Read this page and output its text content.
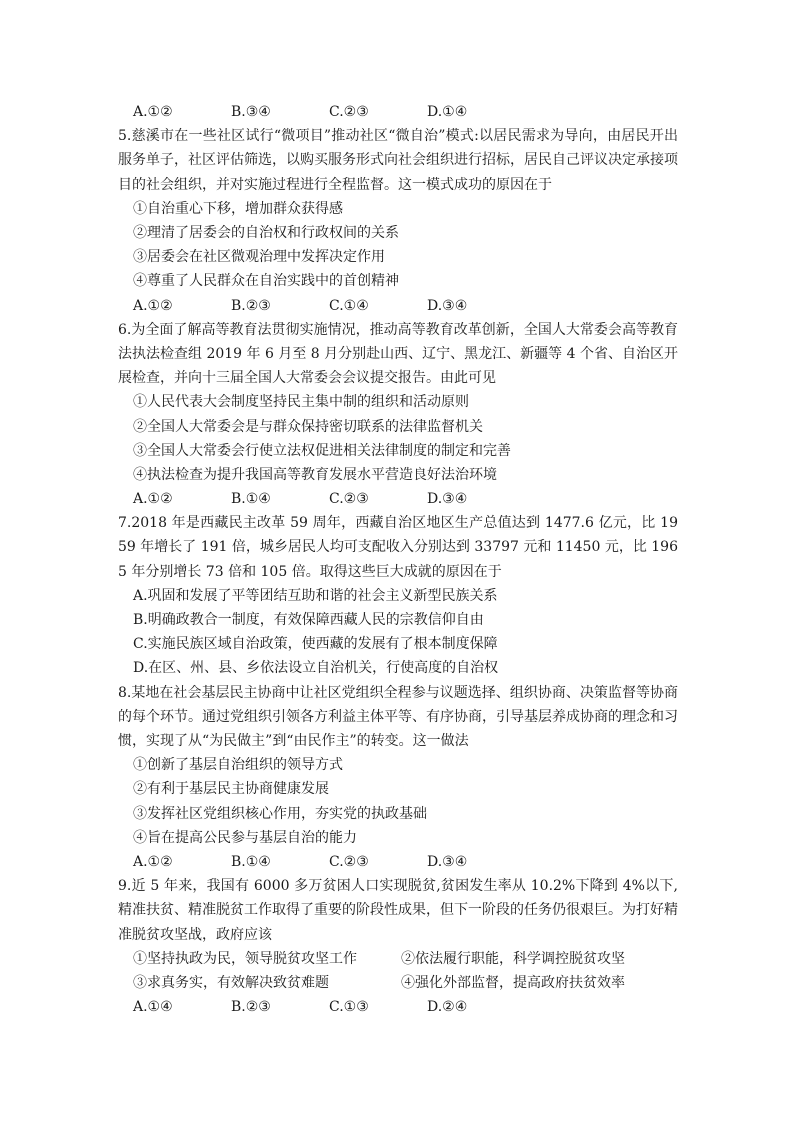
A.①②	B.③④	C.②③	D.①④
5.慈溪市在一些社区试行“微项目”推动社区“微自治”模式:以居民需求为导向，由居民开出服务单子，社区评估筛选，以购买服务形式向社会组织进行招标，居民自己评议决定承接项目的社会组织，并对实施过程进行全程监督。这一模式成功的原因在于
①自治重心下移，增加群众获得感
②理清了居委会的自治权和行政权间的关系
③居委会在社区微观治理中发挥决定作用
④尊重了人民群众在自治实践中的首创精神
A.①②	B.②③	C.①④	D.③④
6.为全面了解高等教育法贯彻实施情况，推动高等教育改革创新，全国人大常委会高等教育法执法检查组 2019 年 6 月至 8 月分别赴山西、辽宁、黑龙江、新疆等 4 个省、自治区开展检查，并向十三届全国人大常委会会议提交报告。由此可见
①人民代表大会制度坚持民主集中制的组织和活动原则
②全国人大常委会是与群众保持密切联系的法律监督机关
③全国人大常委会行使立法权促进相关法律制度的制定和完善
④执法检查为提升我国高等教育发展水平营造良好法治环境
A.①②	B.①④	C.②③	D.③④
7.2018 年是西藏民主改革 59 周年，西藏自治区地区生产总值达到 1477.6 亿元，比 1959 年增长了 191 倍，城乡居民人均可支配收入分别达到 33797 元和 11450 元，比 1965 年分别增长 73 倍和 105 倍。取得这些巨大成就的原因在于
A.巩固和发展了平等团结互助和谐的社会主义新型民族关系
B.明确政教合一制度，有效保障西藏人民的宗教信仰自由
C.实施民族区域自治政策，使西藏的发展有了根本制度保障
D.在区、州、县、乡依法设立自治机关，行使高度的自治权
8.某地在社会基层民主协商中让社区党组织全程参与议题选择、组织协商、决策监督等协商的每个环节。通过党组织引领各方利益主体平等、有序协商，引导基层养成协商的理念和习惯，实现了从“为民做主”到“由民作主”的转变。这一做法
①创新了基层自治组织的领导方式
②有利于基层民主协商健康发展
③发挥社区党组织核心作用，夯实党的执政基础
④旨在提高公民参与基层自治的能力
A.①②	B.①④	C.②③	D.③④
9.近 5 年来，我国有 6000 多万贫困人口实现脱贫,贫困发生率从 10.2%下降到 4%以下,精准扶贫、精准脱贫工作取得了重要的阶段性成果，但下一阶段的任务仍很艰巨。为打好精准脱贫攻坚战，政府应该
①坚持执政为民，领导脱贫攻坚工作	②依法履行职能，科学调控脱贫攻坚
③求真务实，有效解决致贫难题	④强化外部监督，提高政府扶贫效率
A.①④	B.②③	C.①③	D.②④
